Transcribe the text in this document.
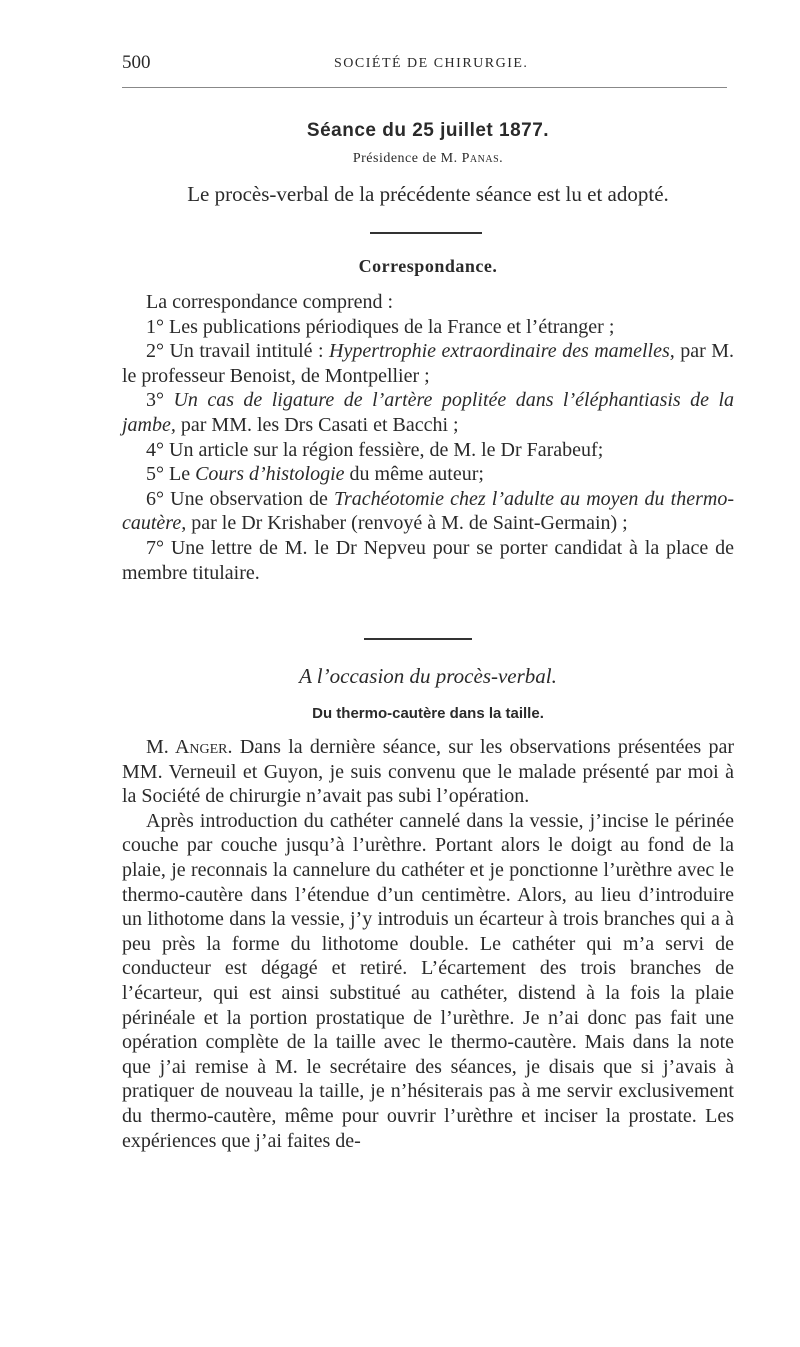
500	SOCIÉTÉ DE CHIRURGIE.
Séance du 25 juillet 1877.
Présidence de M. Panas.
Le procès-verbal de la précédente séance est lu et adopté.
Correspondance.

La correspondance comprend :

1° Les publications périodiques de la France et l’étranger ;

2° Un travail intitulé : Hypertrophie extraordinaire des mamelles, par M. le professeur Benoist, de Montpellier ;

3° Un cas de ligature de l’artère poplitée dans l’éléphantiasis de la jambe, par MM. les Drs Casati et Bacchi ;

4° Un article sur la région fessière, de M. le Dr Farabeuf;

5° Le Cours d’histologie du même auteur;

6° Une observation de Trachéotomie chez l’adulte au moyen du thermo-cautère, par le Dr Krishaber (renvoyé à M. de Saint-Germain) ;

7° Une lettre de M. le Dr Nepveu pour se porter candidat à la place de membre titulaire.

A l’occasion du procès-verbal.
Du thermo-cautère dans la taille.

M. Anger. Dans la dernière séance, sur les observations présentées par MM. Verneuil et Guyon, je suis convenu que le malade présenté par moi à la Société de chirurgie n’avait pas subi l’opération.

Après introduction du cathéter cannelé dans la vessie, j’incise le périnée couche par couche jusqu’à l’urèthre. Portant alors le doigt au fond de la plaie, je reconnais la cannelure du cathéter et je ponctionne l’urèthre avec le thermo-cautère dans l’étendue d’un centimètre. Alors, au lieu d’introduire un lithotome dans la vessie, j’y introduis un écarteur à trois branches qui a à peu près la forme du lithotome double. Le cathéter qui m’a servi de conducteur est dégagé et retiré. L’écartement des trois branches de l’écarteur, qui est ainsi substitué au cathéter, distend à la fois la plaie périnéale et la portion prostatique de l’urèthre. Je n’ai donc pas fait une opération complète de la taille avec le thermo-cautère. Mais dans la note que j’ai remise à M. le secrétaire des séances, je disais que si j’avais à pratiquer de nouveau la taille, je n’hésiterais pas à me servir exclusivement du thermo-cautère, même pour ouvrir l’urèthre et inciser la prostate. Les expériences que j’ai faites de-
